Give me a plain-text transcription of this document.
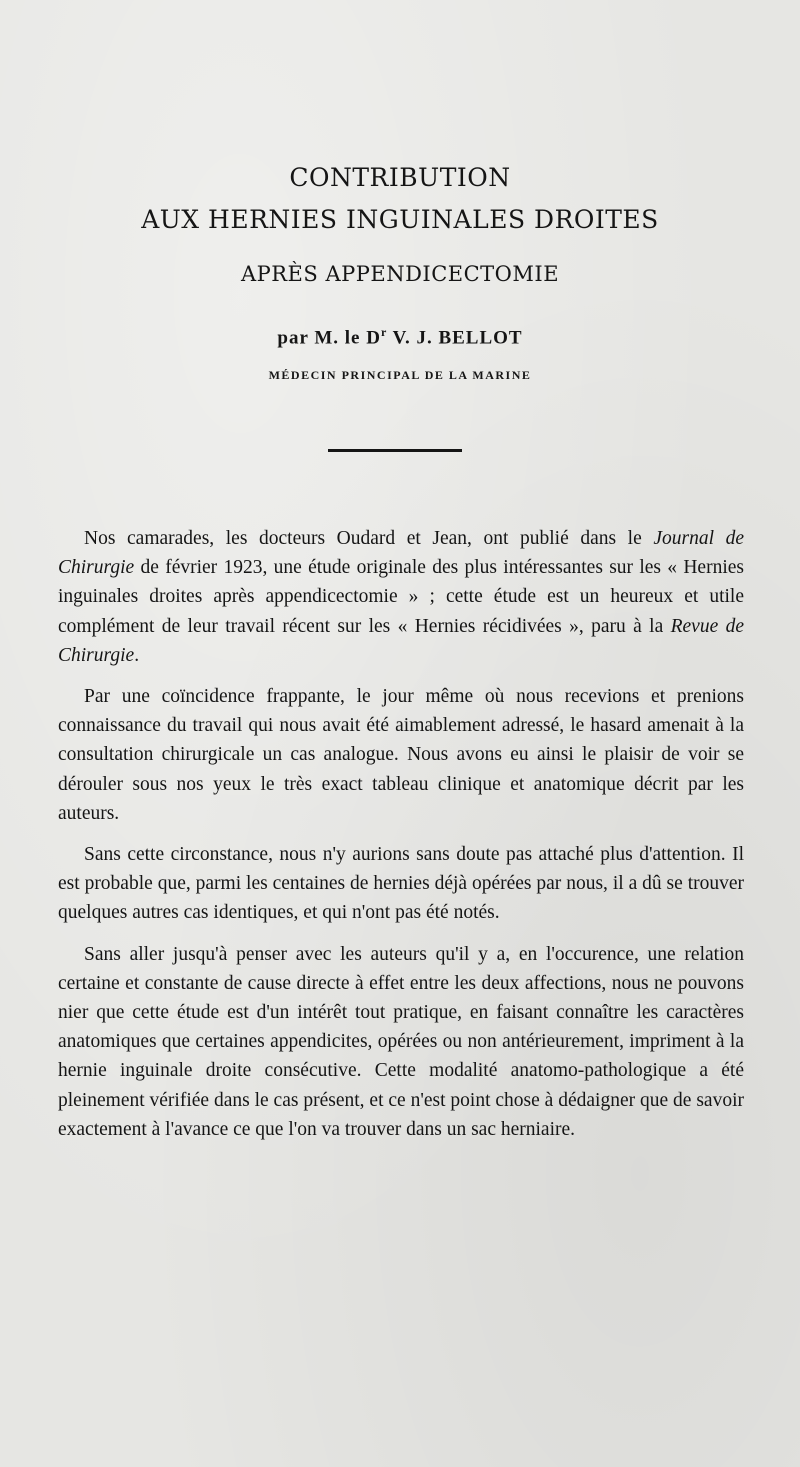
CONTRIBUTION
AUX HERNIES INGUINALES DROITES
APRÈS APPENDICECTOMIE
par M. le $D^r$ V. J. BELLOT
MÉDECIN PRINCIPAL DE LA MARINE

Nos camarades, les docteurs Oudard et Jean, ont publié dans le Journal de Chirurgie de février 1923, une étude originale des plus intéressantes sur les « Hernies inguinales droites après appendicectomie » ; cette étude est un heureux et utile complément de leur travail récent sur les « Hernies récidivées », paru à la Revue de Chirurgie.

Par une coïncidence frappante, le jour même où nous recevions et prenions connaissance du travail qui nous avait été aimablement adressé, le hasard amenait à la consultation chirurgicale un cas analogue. Nous avons eu ainsi le plaisir de voir se dérouler sous nos yeux le très exact tableau clinique et anatomique décrit par les auteurs.

Sans cette circonstance, nous n'y aurions sans doute pas attaché plus d'attention. Il est probable que, parmi les centaines de hernies déjà opérées par nous, il a dû se trouver quelques autres cas identiques, et qui n'ont pas été notés.

Sans aller jusqu'à penser avec les auteurs qu'il y a, en l'occurence, une relation certaine et constante de cause directe à effet entre les deux affections, nous ne pouvons nier que cette étude est d'un intérêt tout pratique, en faisant connaître les caractères anatomiques que certaines appendicites, opérées ou non antérieurement, impriment à la hernie inguinale droite consécutive. Cette modalité anatomo-pathologique a été pleinement vérifiée dans le cas présent, et ce n'est point chose à dédaigner que de savoir exactement à l'avance ce que l'on va trouver dans un sac herniaire.
